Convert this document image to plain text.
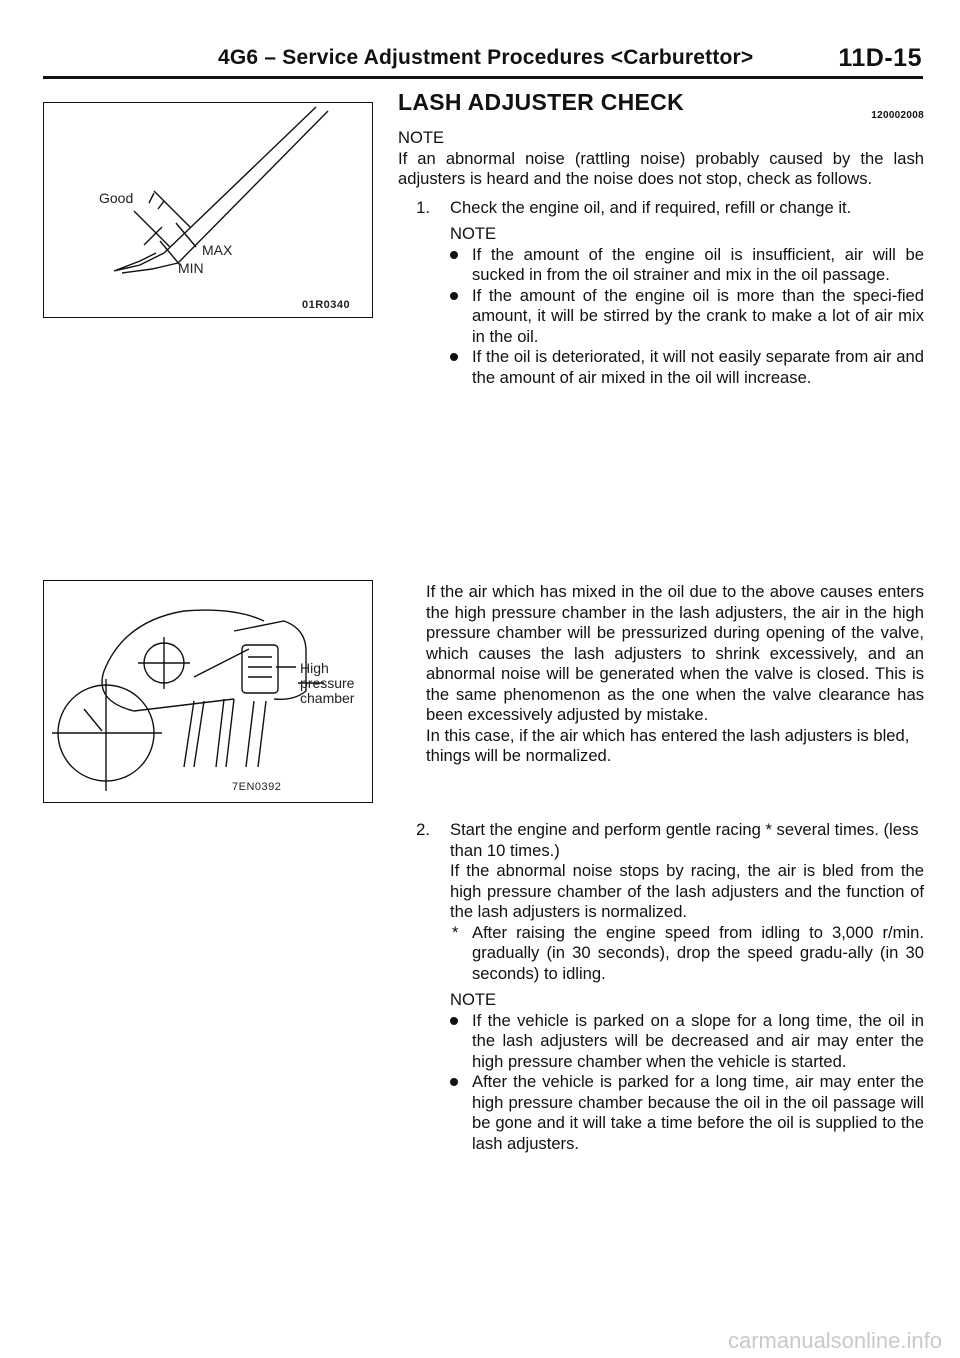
4G6 – Service Adjustment Procedures <Carburettor>	11D-15
Good
MAX
MIN
01R0340
High
pressure
chamber
7EN0392
LASH ADJUSTER CHECK
120002008
NOTE

If an abnormal noise (rattling noise) probably caused by the lash adjusters is heard and the noise does not stop, check as follows.

1.	Check the engine oil, and if required, refill or change it.

NOTE
If the amount of the engine oil is insufficient, air will be sucked in from the oil strainer and mix in the oil passage.
If the amount of the engine oil is more than the speci-fied amount, it will be stirred by the crank to make a lot of air mix in the oil.
If the oil is deteriorated, it will not easily separate from air and the amount of air mixed in the oil will increase.

If the air which has mixed in the oil due to the above causes enters the high pressure chamber in the lash adjusters, the air in the high pressure chamber will be pressurized during opening of the valve, which causes the lash adjusters to shrink excessively, and an abnormal noise will be generated when the valve is closed. This is the same phenomenon as the one when the valve clearance has been excessively adjusted by mistake.

In this case, if the air which has entered the lash adjusters is bled, things will be normalized.

2.	Start the engine and perform gentle racing * several times. (less than 10 times.)

If the abnormal noise stops by racing, the air is bled from the high pressure chamber of the lash adjusters and the function of the lash adjusters is normalized.

* After raising the engine speed from idling to 3,000 r/min. gradually (in 30 seconds), drop the speed gradu-ally (in 30 seconds) to idling.
NOTE
If the vehicle is parked on a slope for a long time, the oil in the lash adjusters will be decreased and air may enter the high pressure chamber when the vehicle is started.
After the vehicle is parked for a long time, air may enter the high pressure chamber because the oil in the oil passage will be gone and it will take a time before the oil is supplied to the lash adjusters.
carmanualsonline.info
